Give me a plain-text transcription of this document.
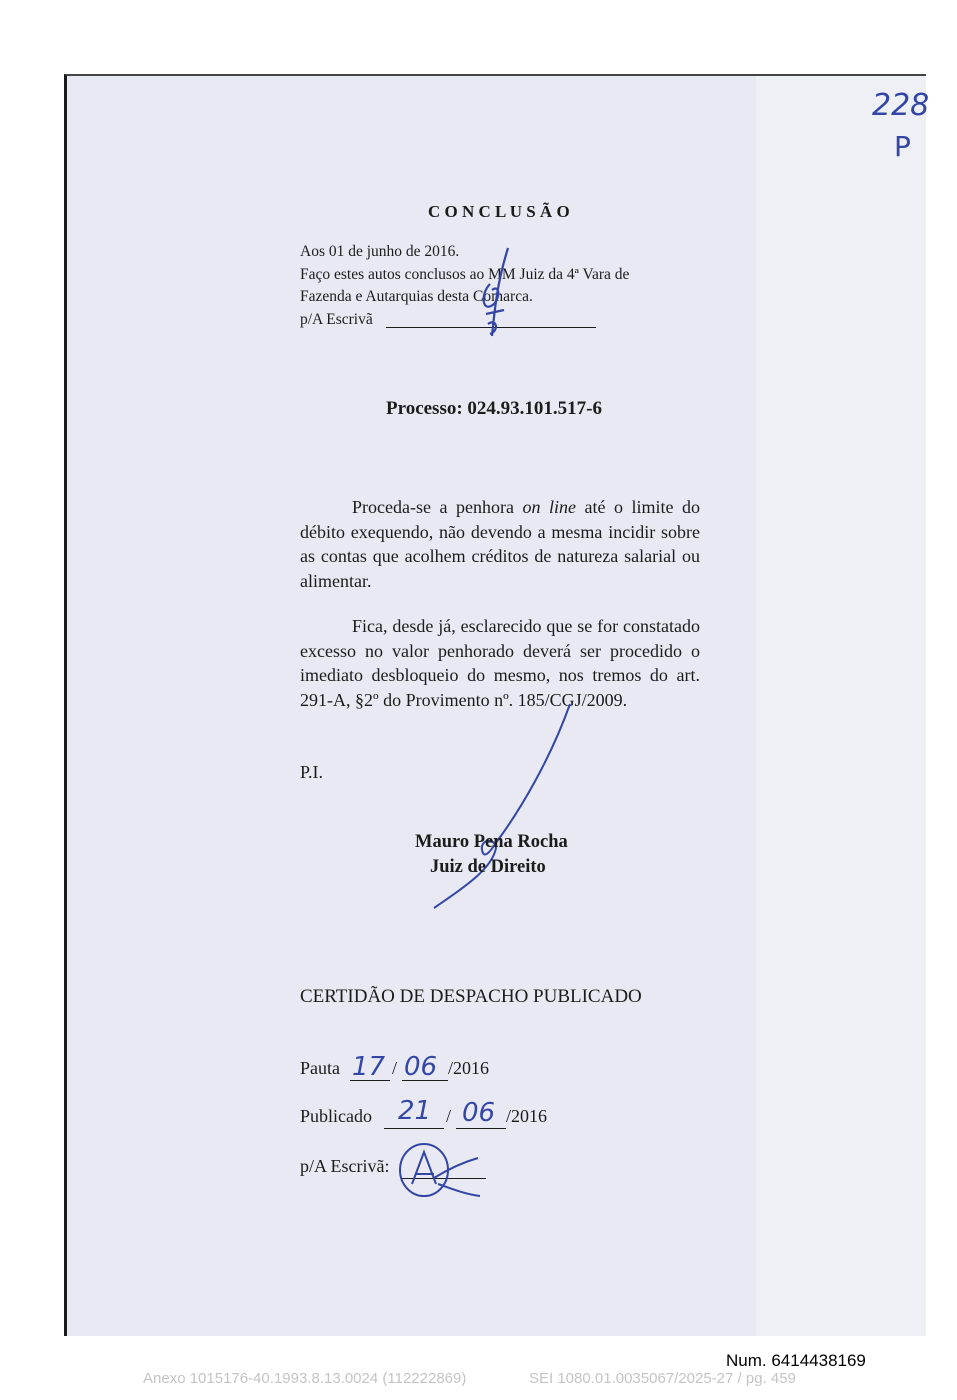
228
P
C O N C L U S Ã O
Aos 01 de junho de 2016.
Faço estes autos conclusos ao MM Juiz da 4ª Vara de
Fazenda e Autarquias desta Comarca.
p/A Escrivã
Processo: 024.93.101.517-6
Proceda-se a penhora on line até o limite do débito exequendo, não devendo a mesma incidir sobre as contas que acolhem créditos de natureza salarial ou alimentar.
Fica, desde já, esclarecido que se for constatado excesso no valor penhorado deverá ser procedido o imediato desbloqueio do mesmo, nos tremos do art. 291-A, §2º do Provimento nº. 185/CGJ/2009.
P.I.
Mauro Pena Rocha
Juiz de Direito
CERTIDÃO DE DESPACHO PUBLICADO
Pauta 17 / 06 /2016
Publicado 21 / 06 /2016
p/A Escrivã:
Num. 6414438169
Anexo 1015176-40.1993.8.13.0024 (112222869)	SEI 1080.01.0035067/2025-27 / pg. 459
